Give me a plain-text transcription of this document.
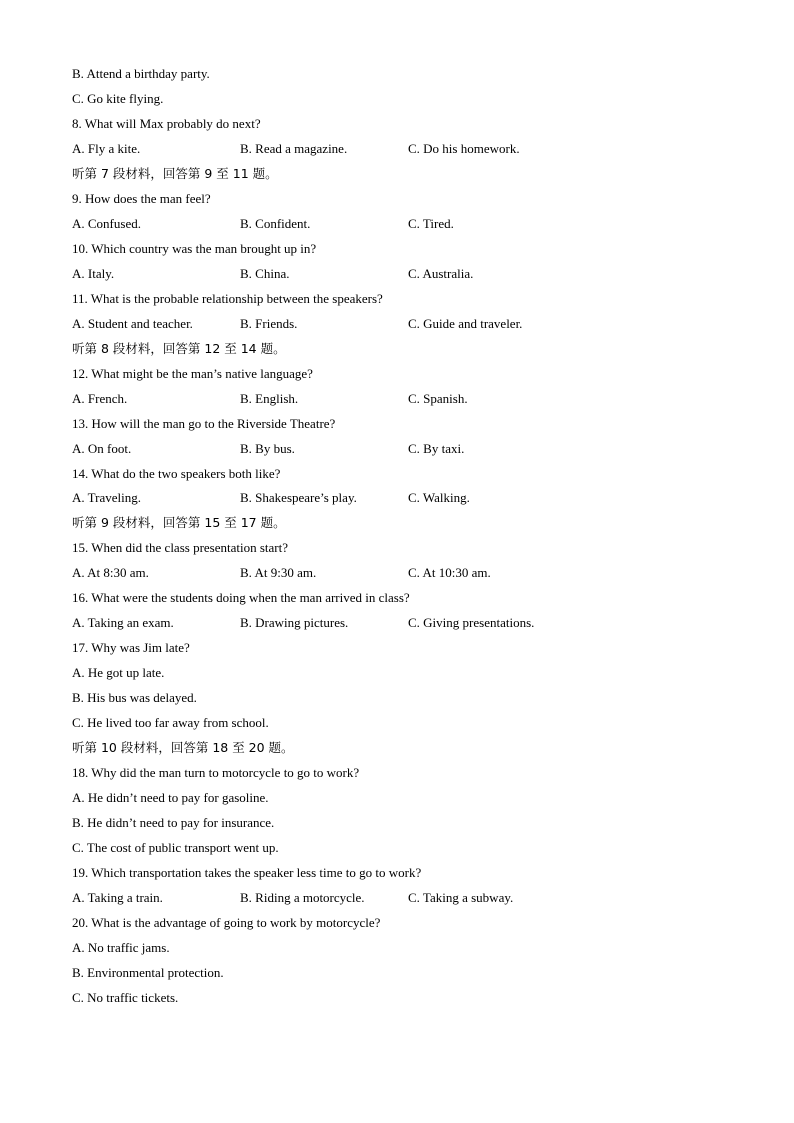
B. Attend a birthday party.
C. Go kite flying.
8. What will Max probably do next?
A. Fly a kite.	B. Read a magazine.	C. Do his homework.
听第 7 段材料，回答第 9 至 11 题。
9. How does the man feel?
A. Confused.	B. Confident.	C. Tired.
10. Which country was the man brought up in?
A. Italy.	B. China.	C. Australia.
11. What is the probable relationship between the speakers?
A. Student and teacher.	B. Friends.	C. Guide and traveler.
听第 8 段材料，回答第 12 至 14 题。
12. What might be the man’s native language?
A. French.	B. English.	C. Spanish.
13. How will the man go to the Riverside Theatre?
A. On foot.	B. By bus.	C. By taxi.
14. What do the two speakers both like?
A. Traveling.	B. Shakespeare’s play.	C. Walking.
听第 9 段材料，回答第 15 至 17 题。
15. When did the class presentation start?
A. At 8:30 am.	B. At 9:30 am.	C. At 10:30 am.
16. What were the students doing when the man arrived in class?
A. Taking an exam.	B. Drawing pictures.	C. Giving presentations.
17. Why was Jim late?
A. He got up late.
B. His bus was delayed.
C. He lived too far away from school.
听第 10 段材料，回答第 18 至 20 题。
18. Why did the man turn to motorcycle to go to work?
A. He didn’t need to pay for gasoline.
B. He didn’t need to pay for insurance.
C. The cost of public transport went up.
19. Which transportation takes the speaker less time to go to work?
A. Taking a train.	B. Riding a motorcycle.	C. Taking a subway.
20. What is the advantage of going to work by motorcycle?
A. No traffic jams.
B. Environmental protection.
C. No traffic tickets.
